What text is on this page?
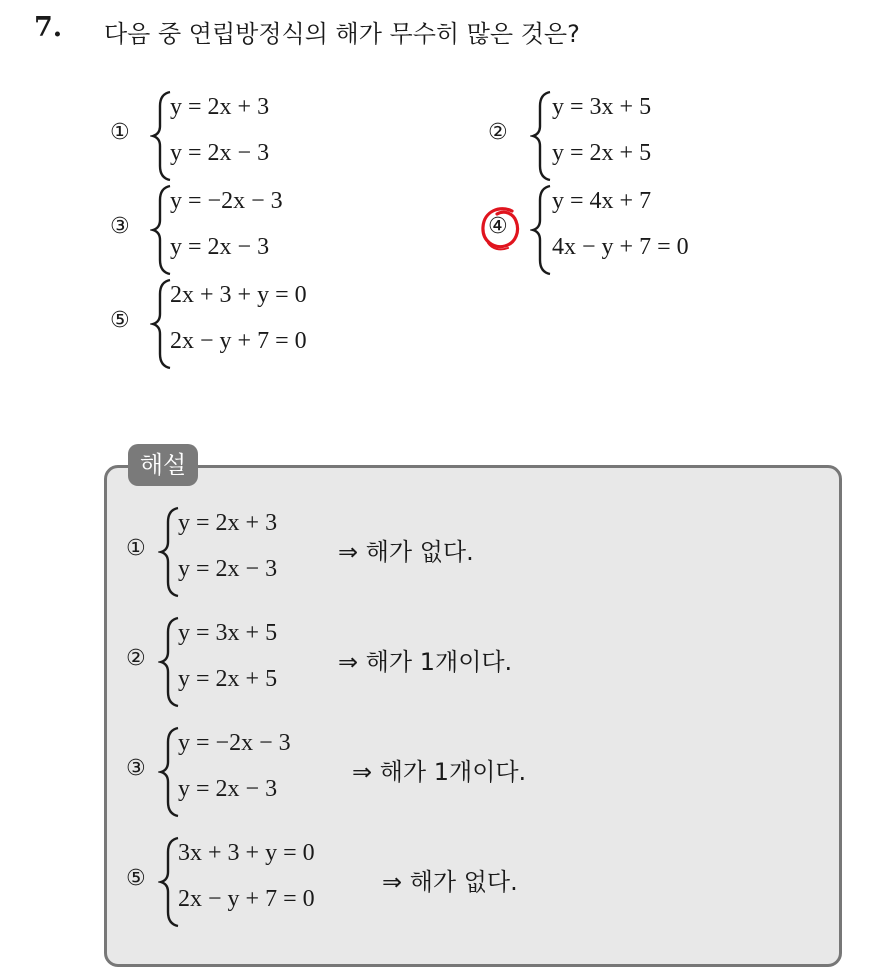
7. 다음 중 연립방정식의 해가 무수히 많은 것은?
①
y = 2x + 3
y = 2x − 3
②
y = 3x + 5
y = 2x + 5
③
y = −2x − 3
y = 2x − 3
④
y = 4x + 7
4x − y + 7 = 0
⑤
2x + 3 + y = 0
2x − y + 7 = 0
해설
①
y = 2x + 3
y = 2x − 3
⇒ 해가 없다.
②
y = 3x + 5
y = 2x + 5
⇒ 해가 1개이다.
③
y = −2x − 3
y = 2x − 3
⇒ 해가 1개이다.
⑤
3x + 3 + y = 0
2x − y + 7 = 0
⇒ 해가 없다.
